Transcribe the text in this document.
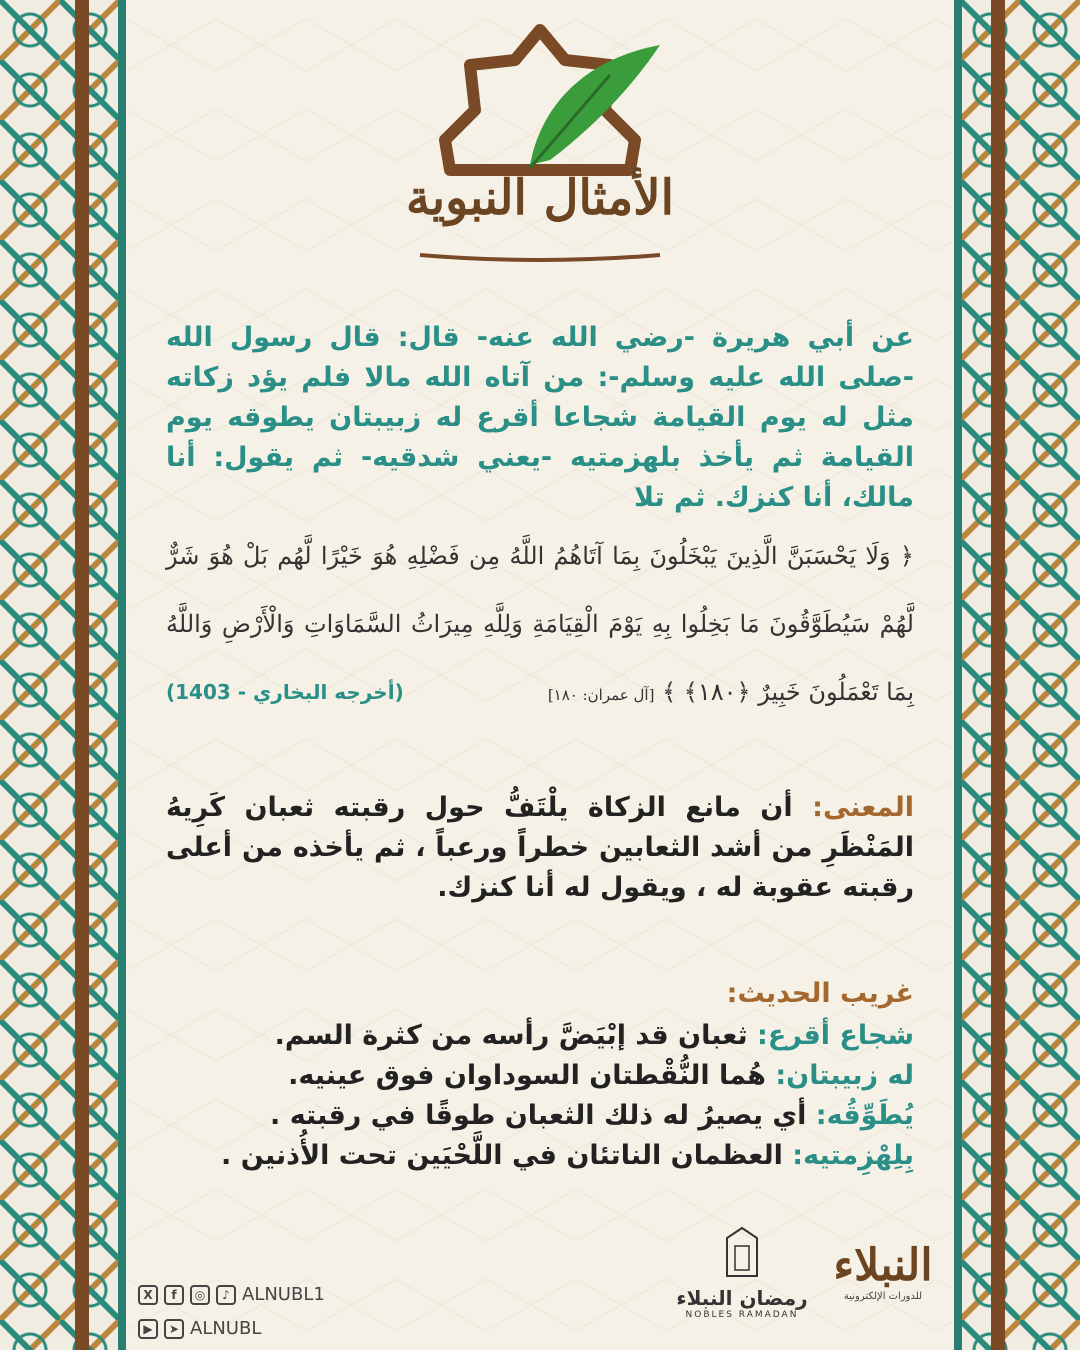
الأمثال النبوية
عن أبي هريرة -رضي الله عنه- قال: قال رسول الله -صلى الله عليه وسلم-: من آتاه الله مالا فلم يؤد زكاته مثل له يوم القيامة شجاعا أقرع له زبيبتان يطوقه يوم القيامة ثم يأخذ بلهزمتيه -يعني شدقيه- ثم يقول: أنا مالك، أنا كنزك. ثم تلا
﴿ وَلَا يَحْسَبَنَّ الَّذِينَ يَبْخَلُونَ بِمَا آتَاهُمُ اللَّهُ مِن فَضْلِهِ هُوَ خَيْرًا لَّهُم بَلْ هُوَ شَرٌّ لَّهُمْ سَيُطَوَّقُونَ مَا بَخِلُوا بِهِ يَوْمَ الْقِيَامَةِ وَلِلَّهِ مِيرَاثُ السَّمَاوَاتِ وَالْأَرْضِ وَاللَّهُ بِمَا تَعْمَلُونَ خَبِيرٌ ﴿١٨٠﴾ ﴾ [آل عمران: ١٨٠]
(أخرجه البخاري - 1403)
المعنى: أن مانع الزكاة يلْتَفُّ حول رقبته ثعبان كَرِيهُ المَنْظَرِ من أشد الثعابين خطراً ورعباً ، ثم يأخذه من أعلى رقبته عقوبة له ، ويقول له أنا كنزك.
غريب الحديث:
شجاع أقرع: ثعبان قد إبْيَضَّ رأسه من كثرة السم.
له زبيبتان: هُما النُّقْطتان السوداوان فوق عينيه.
يُطَوِّقُه: أي يصيرُ له ذلك الثعبان طوقًا في رقبته .
بِلِهْزِمتيه: العظمان الناتئان في اللَّحْيَين تحت الأُذنين .
X	f	◎	♪ ALNUBL1
▶	➤ ALNUBL
رمضان النبلاء
NOBLES RAMADAN
النبلاء
للدورات الإلكترونية
